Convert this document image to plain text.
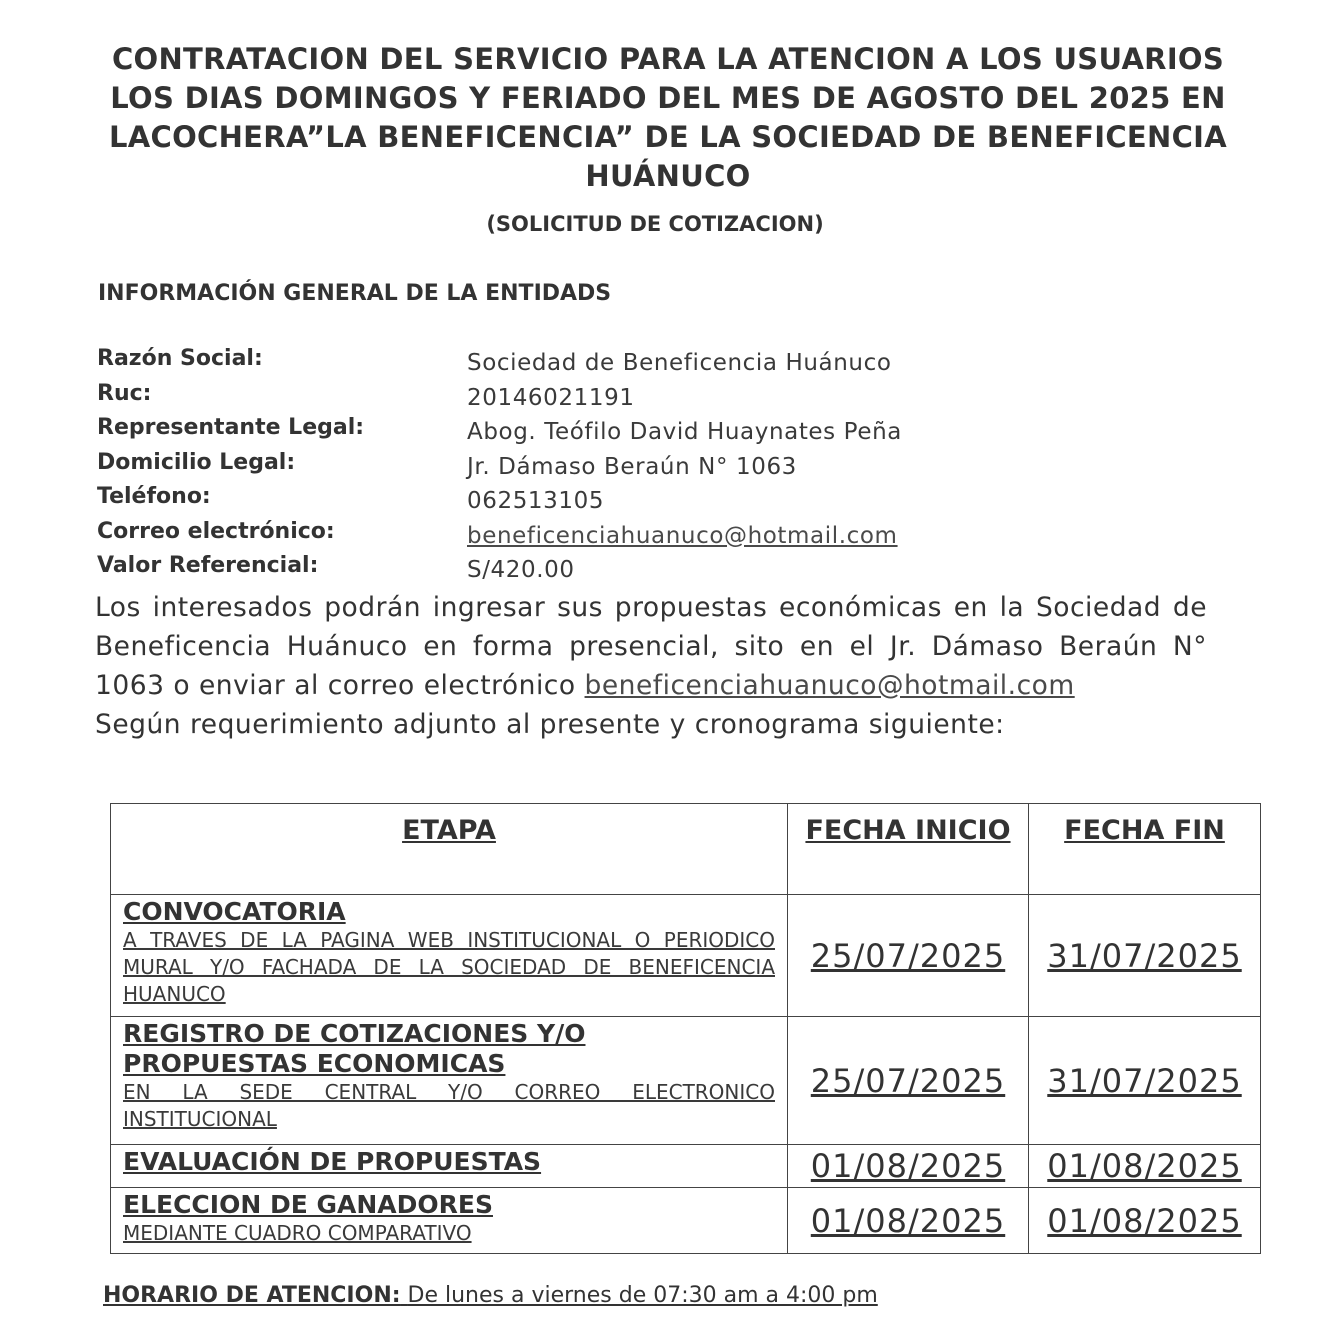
CONTRATACION DEL SERVICIO PARA LA ATENCION A LOS USUARIOS
LOS DIAS DOMINGOS Y FERIADO DEL MES DE AGOSTO DEL 2025 EN
LACOCHERA”LA BENEFICENCIA” DE LA SOCIEDAD DE BENEFICENCIA
HUÁNUCO
(SOLICITUD DE COTIZACION)
INFORMACIÓN GENERAL DE LA ENTIDADS
Razón Social:	Sociedad de Beneficencia Huánuco
Ruc:	20146021191
Representante Legal:	Abog. Teófilo David Huaynates Peña
Domicilio Legal:	Jr. Dámaso Beraún N° 1063
Teléfono:	062513105
Correo electrónico:	beneficenciahuanuco@hotmail.com
Valor Referencial:	S/420.00
Los interesados podrán ingresar sus propuestas económicas en la Sociedad de Beneficencia Huánuco en forma presencial, sito en el Jr. Dámaso Beraún N° 1063 o enviar al correo electrónico beneficenciahuanuco@hotmail.com
Según requerimiento adjunto al presente y cronograma siguiente:
ETAPA	FECHA INICIO	FECHA FIN

CONVOCATORIA
A TRAVES DE LA PAGINA WEB INSTITUCIONAL O PERIODICO MURAL Y/O FACHADA DE LA SOCIEDAD DE BENEFICENCIA HUANUCO	25/07/2025	31/07/2025

REGISTRO DE COTIZACIONES Y/O PROPUESTAS ECONOMICAS
EN LA SEDE CENTRAL Y/O CORREO ELECTRONICO INSTITUCIONAL	25/07/2025	31/07/2025

EVALUACIÓN DE PROPUESTAS	01/08/2025	01/08/2025

ELECCION DE GANADORES
MEDIANTE CUADRO COMPARATIVO	01/08/2025	01/08/2025
HORARIO DE ATENCION: De lunes a viernes de 07:30 am a 4:00 pm
